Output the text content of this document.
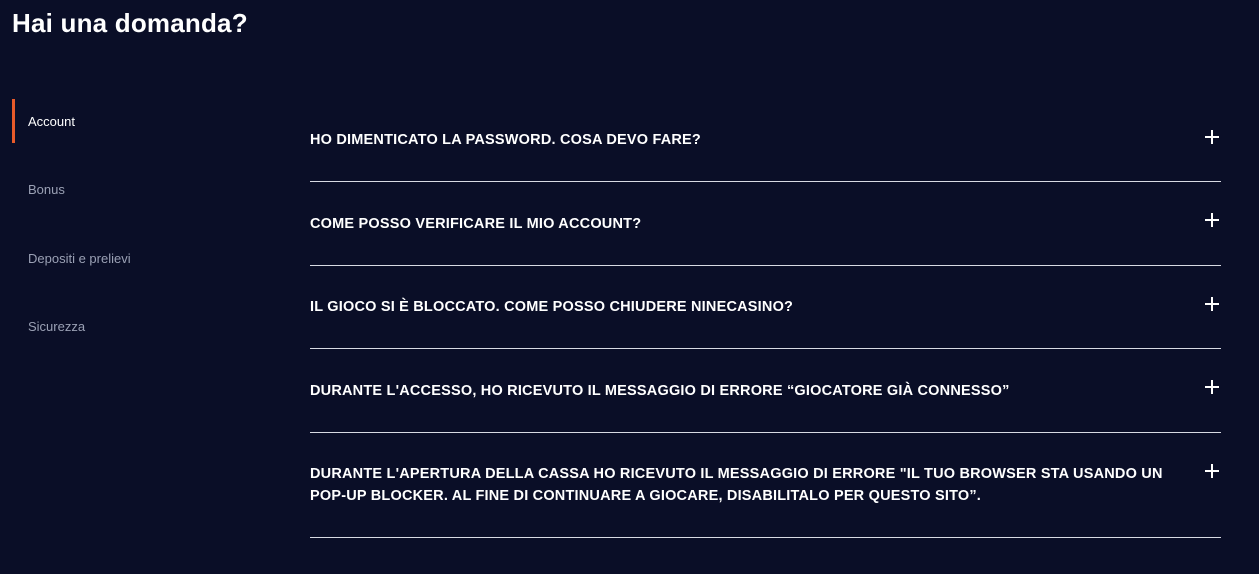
Hai una domanda?
Account
Bonus
Depositi e prelievi
Sicurezza
HO DIMENTICATO LA PASSWORD. COSA DEVO FARE?
COME POSSO VERIFICARE IL MIO ACCOUNT?
IL GIOCO SI È BLOCCATO. COME POSSO CHIUDERE NINECASINO?
DURANTE L'ACCESSO, HO RICEVUTO IL MESSAGGIO DI ERRORE “GIOCATORE GIÀ CONNESSO”
DURANTE L'APERTURA DELLA CASSA HO RICEVUTO IL MESSAGGIO DI ERRORE "IL TUO BROWSER STA USANDO UN POP-UP BLOCKER. AL FINE DI CONTINUARE A GIOCARE, DISABILITALO PER QUESTO SITO”.
